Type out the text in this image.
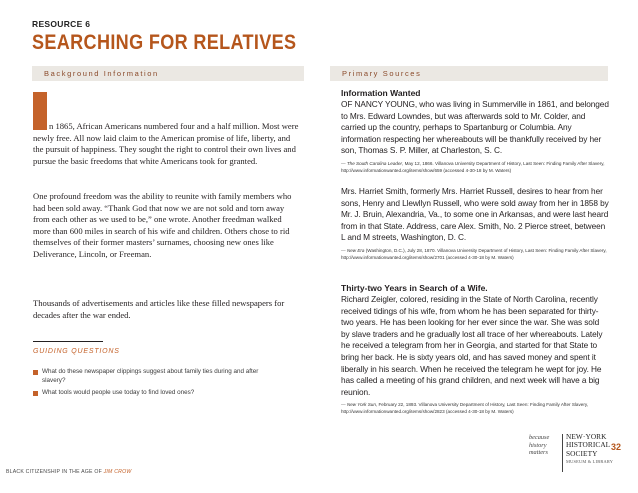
RESOURCE 6
SEARCHING FOR RELATIVES
Background Information	Primary Sources
I n 1865, African Americans numbered four and a half million. Most were newly free. All now laid claim to the American promise of life, liberty, and the pursuit of happiness. They sought the right to control their own lives and pursue the basic freedoms that white Americans took for granted.
One profound freedom was the ability to reunite with family members who had been sold away. “Thank God that now we are not sold and torn away from each other as we used to be,” one wrote. Another freedman walked more than 600 miles in search of his wife and children. Others chose to rid themselves of their former masters’ surnames, choosing new ones like Deliverance, Lincoln, or Freeman.
Thousands of advertisements and articles like these filled newspapers for decades after the war ended.
GUIDING QUESTIONS
What do these newspaper clippings suggest about family ties during and after slavery?
What tools would people use today to find loved ones?
Information Wanted
OF NANCY YOUNG, who was living in Summerville in 1861, and belonged to Mrs. Edward Lowndes, but was afterwards sold to Mr. Colder, and carried up the country, perhaps to Spartanburg or Columbia. Any information respecting her whereabouts will be thankfully received by her son, Thomas S. P. Miller, at Charleston, S. C.
— The South Carolina Leader, May 12, 1866. Villanova University Department of History, Last Seen: Finding Family After Slavery, http://www.informationwanted.org/items/show/659 (accessed 4-30-18 by M. Waters)
Mrs. Harriet Smith, formerly Mrs. Harriet Russell, desires to hear from her sons, Henry and Llewllyn Russell, who were sold away from her in 1858 by Mr. J. Bruin, Alexandria, Va., to some one in Arkansas, and were last heard from in that State. Address, care Alex. Smith, No. 2 Pierce street, between L and M streets, Washington, D. C.
— New Era (Washington, D.C.), July 28, 1870. Villanova University Department of History, Last Seen: Finding Family After Slavery, http://www.informationwanted.org/items/show/2701 (accessed 4-30-18 by M. Waters)
Thirty-two Years in Search of a Wife.
Richard Zeigler, colored, residing in the State of North Carolina, recently received tidings of his wife, from whom he has been separated for thirty-two years. He has been looking for her ever since the war. She was sold by slave traders and he gradually lost all trace of her whereabouts. Lately he received a telegram from her in Georgia, and started for that State to bring her back. He is sixty years old, and has saved money and spent it liberally in his search. When he received the telegram he wept for joy. He has called a meeting of his grand children, and next week will have a big reunion.
— New York Sun, February 22, 1893. Villanova University Department of History, Last Seen: Finding Family After Slavery, http://www.informationwanted.org/items/show/2823 (accessed 4-30-18 by M. Waters)
BLACK CITIZENSHIP IN THE AGE OF JIM CROW
because history matters
NEW·YORK
HISTORICAL
SOCIETY
MUSEUM & LIBRARY
32
